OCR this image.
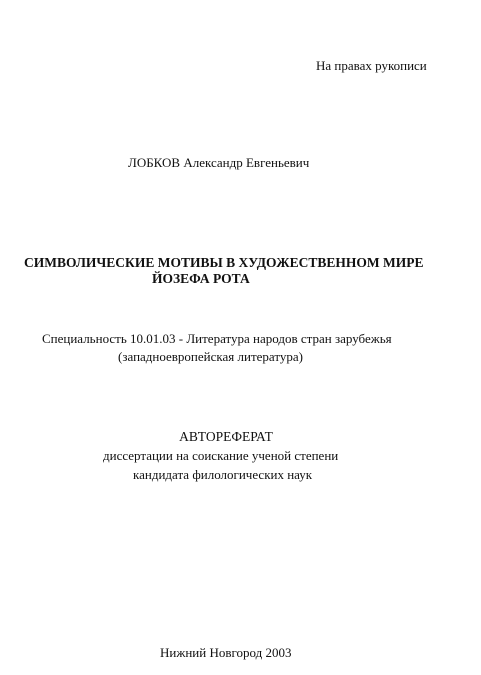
На правах рукописи
ЛОБКОВ Александр Евгеньевич
СИМВОЛИЧЕСКИЕ МОТИВЫ В ХУДОЖЕСТВЕННОМ МИРЕ
ЙОЗЕФА РОТА
Специальность 10.01.03 - Литература народов стран зарубежья
(западноевропейская литература)
АВТОРЕФЕРАТ
диссертации на соискание ученой степени
кандидата филологических наук
Нижний Новгород 2003
